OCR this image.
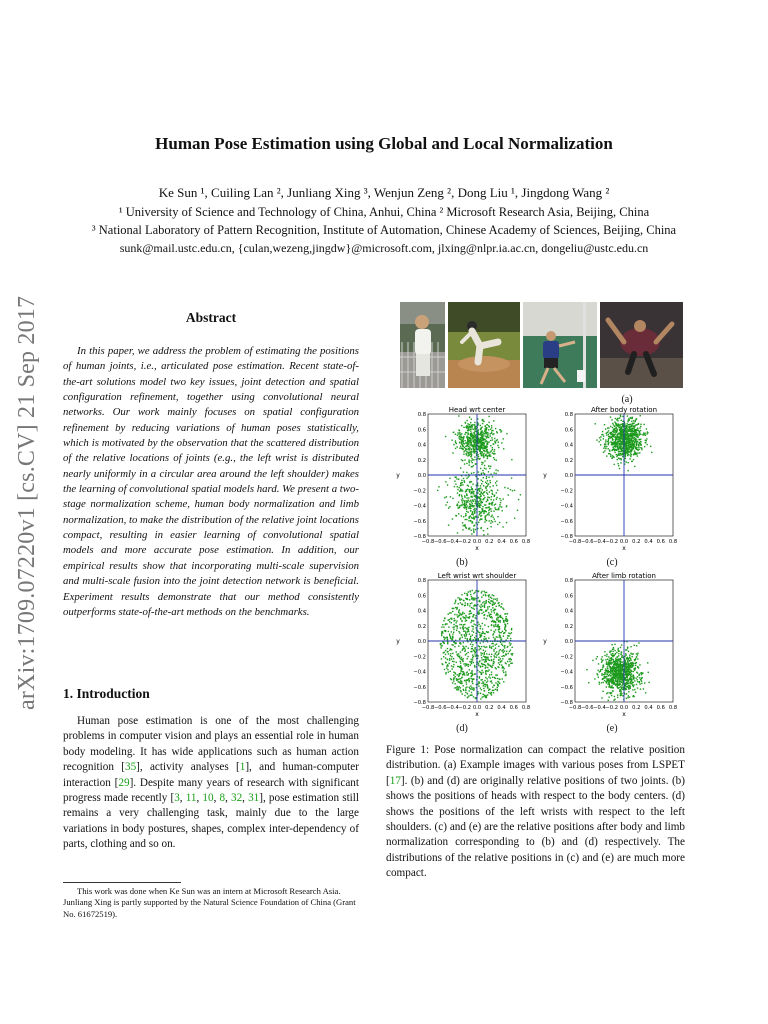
arXiv:1709.07220v1 [cs.CV] 21 Sep 2017
Human Pose Estimation using Global and Local Normalization
Ke Sun ¹, Cuiling Lan ², Junliang Xing ³, Wenjun Zeng ², Dong Liu ¹, Jingdong Wang ²
¹ University of Science and Technology of China, Anhui, China ² Microsoft Research Asia, Beijing, China
³ National Laboratory of Pattern Recognition, Institute of Automation, Chinese Academy of Sciences, Beijing, China
sunk@mail.ustc.edu.cn, {culan,wezeng,jingdw}@microsoft.com, jlxing@nlpr.ia.ac.cn, dongeliu@ustc.edu.cn
Abstract
In this paper, we address the problem of estimating the positions of human joints, i.e., articulated pose estimation. Recent state-of-the-art solutions model two key issues, joint detection and spatial configuration refinement, together using convolutional neural networks. Our work mainly focuses on spatial configuration refinement by reducing variations of human poses statistically, which is motivated by the observation that the scattered distribution of the relative locations of joints (e.g., the left wrist is distributed nearly uniformly in a circular area around the left shoulder) makes the learning of convolutional spatial models hard. We present a two-stage normalization scheme, human body normalization and limb normalization, to make the distribution of the relative joint locations compact, resulting in easier learning of convolutional spatial models and more accurate pose estimation. In addition, our empirical results show that incorporating multi-scale supervision and multi-scale fusion into the joint detection network is beneficial. Experiment results demonstrate that our method consistently outperforms state-of-the-art methods on the benchmarks.
1. Introduction
Human pose estimation is one of the most challenging problems in computer vision and plays an essential role in human body modeling. It has wide applications such as human action recognition [35], activity analyses [1], and human-computer interaction [29]. Despite many years of research with significant progress made recently [3, 11, 10, 8, 32, 31], pose estimation still remains a very challenging task, mainly due to the large variations in body postures, shapes, complex inter-dependency of parts, clothing and so on.
This work was done when Ke Sun was an intern at Microsoft Research Asia. Junliang Xing is partly supported by the Natural Science Foundation of China (Grant No. 61672519).
(a)
Head wrt center
−0.8
−0.8
−0.6
−0.6
−0.4
−0.4
−0.2
−0.2
0.0
0.0
0.2
0.2
0.4
0.4
0.6
0.6
0.8
0.8
x
y
After body rotation
−0.8
−0.8
−0.6
−0.6
−0.4
−0.4
−0.2
−0.2
0.0
0.0
0.2
0.2
0.4
0.4
0.6
0.6
0.8
0.8
x
y
(b)	(c)
Left wrist wrt shoulder
−0.8
−0.8
−0.6
−0.6
−0.4
−0.4
−0.2
−0.2
0.0
0.0
0.2
0.2
0.4
0.4
0.6
0.6
0.8
0.8
x
y
After limb rotation
−0.8
−0.8
−0.6
−0.6
−0.4
−0.4
−0.2
−0.2
0.0
0.0
0.2
0.2
0.4
0.4
0.6
0.6
0.8
0.8
x
y
(d)	(e)
Figure 1: Pose normalization can compact the relative position distribution. (a) Example images with various poses from LSPET [17]. (b) and (d) are originally relative positions of two joints. (b) shows the positions of heads with respect to the body centers. (d) shows the positions of the left wrists with respect to the left shoulders. (c) and (e) are the relative positions after body and limb normalization corresponding to (b) and (d) respectively. The distributions of the relative positions in (c) and (e) are much more compact.
